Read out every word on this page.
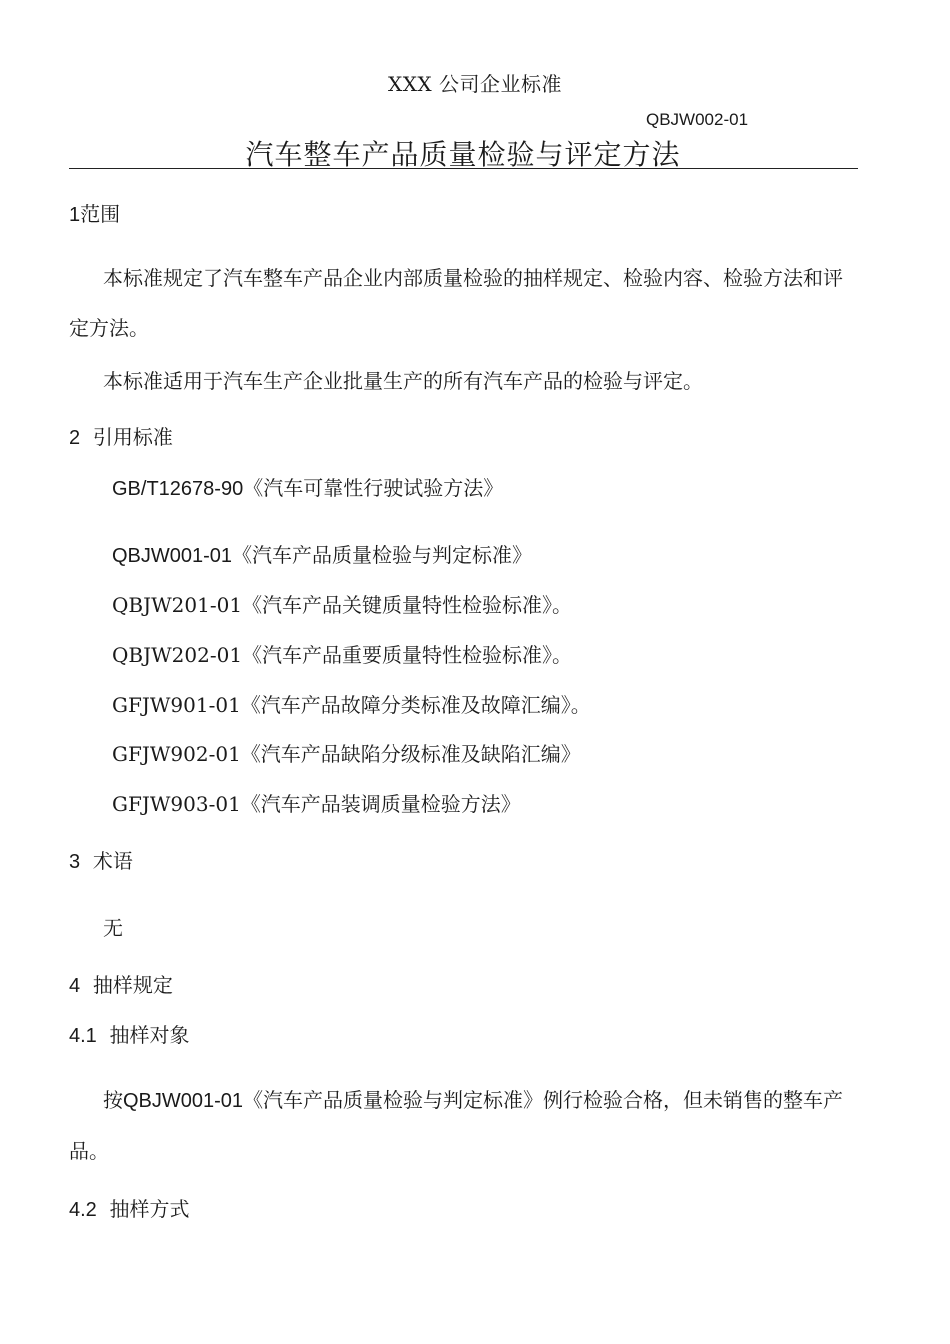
XXX 公司企业标准
QBJW002-01
汽车整车产品质量检验与评定方法
1范围
本标准规定了汽车整车产品企业内部质量检验的抽样规定、检验内容、检验方法和评定方法。
本标准适用于汽车生产企业批量生产的所有汽车产品的检验与评定。
2 引用标准
GB/T12678-90《汽车可靠性行驶试验方法》
QBJW001-01《汽车产品质量检验与判定标准》
QBJW201-01《汽车产品关键质量特性检验标准》。
QBJW202-01《汽车产品重要质量特性检验标准》。
GFJW901-01《汽车产品故障分类标准及故障汇编》。
GFJW902-01《汽车产品缺陷分级标准及缺陷汇编》
GFJW903-01《汽车产品装调质量检验方法》
3 术语
无
4 抽样规定
4.1 抽样对象
按QBJW001-01《汽车产品质量检验与判定标准》例行检验合格，但未销售的整车产品。
4.2 抽样方式
